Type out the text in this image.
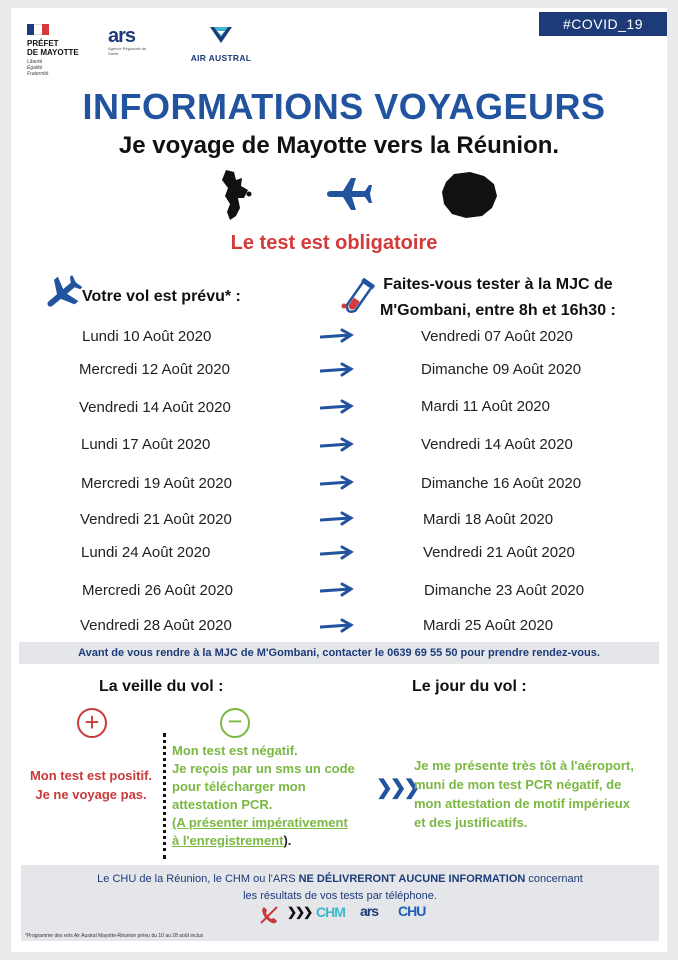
#COVID_19
PRÉFET
DE MAYOTTE
Liberté
Égalité
Fraternité
ars
Agence Régionale de Santé	AIR AUSTRAL
INFORMATIONS VOYAGEURS
Je voyage de Mayotte vers la Réunion.
Le test est obligatoire
Votre vol est prévu* :
Faites-vous tester à la MJC de
M'Gombani, entre 8h et 16h30 :
Lundi 10 Août 2020	Vendredi 07 Août 2020
Mercredi 12 Août 2020	Dimanche 09 Août 2020
Vendredi 14 Août 2020	Mardi 11 Août 2020
Lundi 17 Août 2020	Vendredi 14 Août 2020
Mercredi 19 Août 2020	Dimanche 16 Août 2020
Vendredi 21 Août 2020	Mardi 18 Août 2020
Lundi 24 Août 2020	Vendredi 21 Août 2020
Mercredi 26 Août 2020	Dimanche 23 Août 2020
Vendredi 28 Août 2020	Mardi 25 Août 2020
Avant de vous rendre à la MJC de M'Gombani, contacter le 0639 69 55 50 pour prendre rendez-vous.
La veille du vol :	Le jour du vol :
+	−
Mon test est positif.
Je ne voyage pas.
Mon test est négatif.
Je reçois par un sms un code
pour télécharger mon
attestation PCR.
(A présenter impérativement
à l'enregistrement).
❯❯❯
Je me présente très tôt à l'aéroport,
muni de mon test PCR négatif, de
mon attestation de motif impérieux
et des justificatifs.
Le CHU de la Réunion, le CHM ou l'ARS NE DÉLIVRERONT AUCUNE INFORMATION concernant
les résultats de vos tests par téléphone.
❯❯❯ CHM ars CHU
*Programme des vols Air Austral Mayotte-Réunion prévu du 10 au 28 août inclus
